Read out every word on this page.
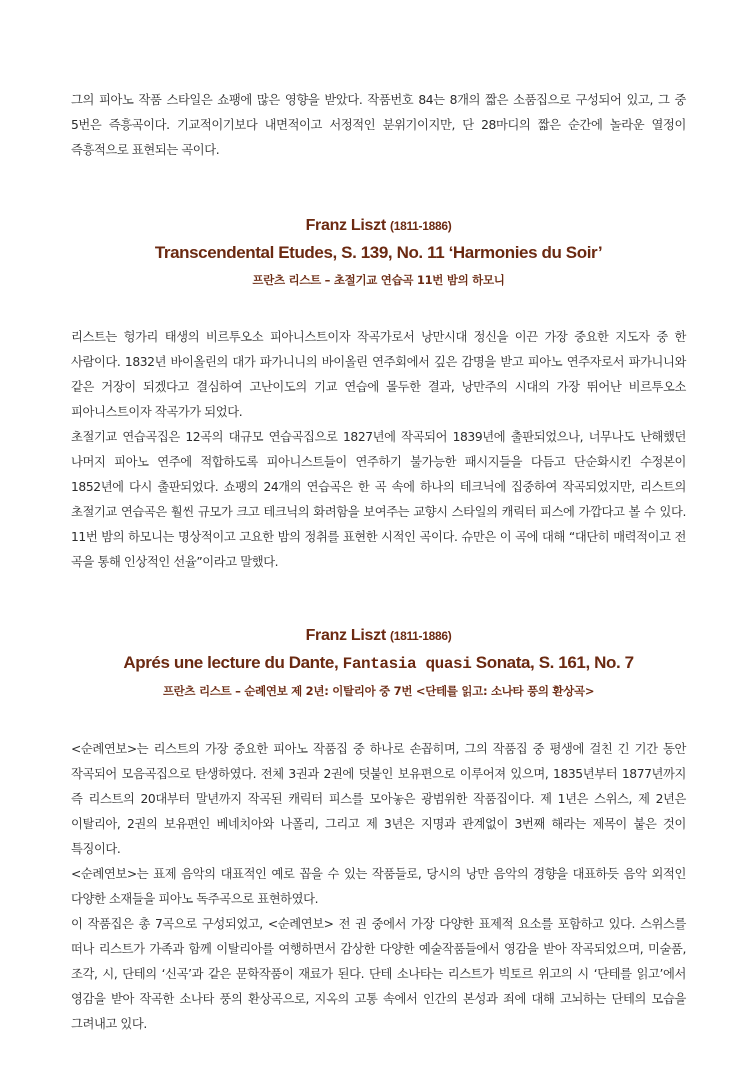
그의 피아노 작품 스타일은 쇼팽에 많은 영향을 받았다. 작품번호 84는 8개의 짧은 소품집으로 구성되어 있고, 그 중 5번은 즉흥곡이다. 기교적이기보다 내면적이고 서정적인 분위기이지만, 단 28마디의 짧은 순간에 놀라운 열정이 즉흥적으로 표현되는 곡이다.

Franz Liszt (1811-1886)
Transcendental Etudes, S. 139, No. 11 ‘Harmonies du Soir’
프란츠 리스트 – 초절기교 연습곡 11번 밤의 하모니

리스트는 헝가리 태생의 비르투오소 피아니스트이자 작곡가로서 낭만시대 정신을 이끈 가장 중요한 지도자 중 한 사람이다. 1832년 바이올린의 대가 파가니니의 바이올린 연주회에서 깊은 감명을 받고 피아노 연주자로서 파가니니와 같은 거장이 되겠다고 결심하여 고난이도의 기교 연습에 몰두한 결과, 낭만주의 시대의 가장 뛰어난 비르투오소 피아니스트이자 작곡가가 되었다.

초절기교 연습곡집은 12곡의 대규모 연습곡집으로 1827년에 작곡되어 1839년에 출판되었으나, 너무나도 난해했던 나머지 피아노 연주에 적합하도록 피아니스트들이 연주하기 불가능한 패시지들을 다듬고 단순화시킨 수정본이 1852년에 다시 출판되었다. 쇼팽의 24개의 연습곡은 한 곡 속에 하나의 테크닉에 집중하여 작곡되었지만, 리스트의 초절기교 연습곡은 훨씬 규모가 크고 테크닉의 화려함을 보여주는 교향시 스타일의 캐릭터 피스에 가깝다고 볼 수 있다. 11번 밤의 하모니는 명상적이고 고요한 밤의 정취를 표현한 시적인 곡이다. 슈만은 이 곡에 대해 “대단히 매력적이고 전 곡을 통해 인상적인 선율”이라고 말했다.

Franz Liszt (1811-1886)
Aprés une lecture du Dante, Fantasia quasi Sonata, S. 161, No. 7
프란츠 리스트 – 순례연보 제 2년: 이탈리아 중 7번 <단테를 읽고: 소나타 풍의 환상곡>

<순례연보>는 리스트의 가장 중요한 피아노 작품집 중 하나로 손꼽히며, 그의 작품집 중 평생에 걸친 긴 기간 동안 작곡되어 모음곡집으로 탄생하였다. 전체 3권과 2권에 덧붙인 보유편으로 이루어져 있으며, 1835년부터 1877년까지 즉 리스트의 20대부터 말년까지 작곡된 캐릭터 피스를 모아놓은 광범위한 작품집이다. 제 1년은 스위스, 제 2년은 이탈리아, 2권의 보유편인 베네치아와 나폴리, 그리고 제 3년은 지명과 관계없이 3번째 해라는 제목이 붙은 것이 특징이다.

<순례연보>는 표제 음악의 대표적인 예로 꼽을 수 있는 작품들로, 당시의 낭만 음악의 경향을 대표하듯 음악 외적인 다양한 소재들을 피아노 독주곡으로 표현하였다.

이 작품집은 총 7곡으로 구성되었고, <순례연보> 전 권 중에서 가장 다양한 표제적 요소를 포함하고 있다. 스위스를 떠나 리스트가 가족과 함께 이탈리아를 여행하면서 감상한 다양한 예술작품들에서 영감을 받아 작곡되었으며, 미술품, 조각, 시, 단테의 ‘신곡’과 같은 문학작품이 재료가 된다. 단테 소나타는 리스트가 빅토르 위고의 시 ‘단테를 읽고’에서 영감을 받아 작곡한 소나타 풍의 환상곡으로, 지옥의 고통 속에서 인간의 본성과 죄에 대해 고뇌하는 단테의 모습을 그려내고 있다.
